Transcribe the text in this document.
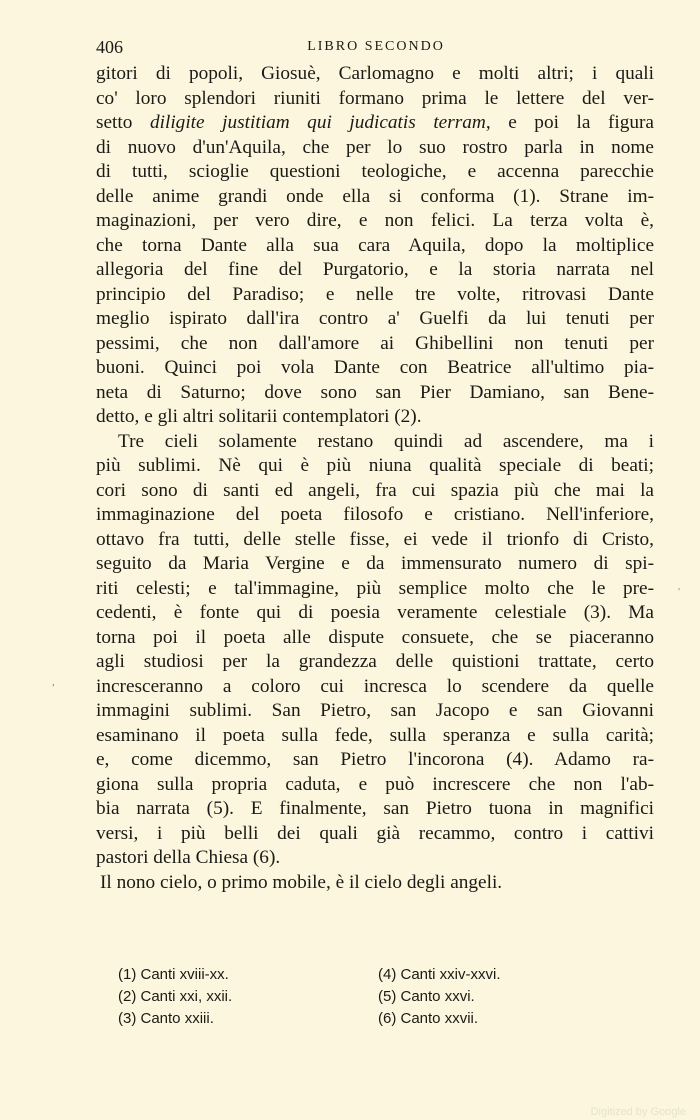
406	LIBRO SECONDO
gitori di popoli, Giosuè, Carlomagno e molti altri; i quali
co' loro splendori riuniti formano prima le lettere del ver-
setto diligite justitiam qui judicatis terram, e poi la figura
di nuovo d'un'Aquila, che per lo suo rostro parla in nome
di tutti, scioglie questioni teologiche, e accenna parecchie
delle anime grandi onde ella si conforma (1). Strane im-
maginazioni, per vero dire, e non felici. La terza volta è,
che torna Dante alla sua cara Aquila, dopo la moltiplice
allegoria del fine del Purgatorio, e la storia narrata nel
principio del Paradiso; e nelle tre volte, ritrovasi Dante
meglio ispirato dall'ira contro a' Guelfi da lui tenuti per
pessimi, che non dall'amore ai Ghibellini non tenuti per
buoni. Quinci poi vola Dante con Beatrice all'ultimo pia-
neta di Saturno; dove sono san Pier Damiano, san Bene-
detto, e gli altri solitarii contemplatori (2).
Tre cieli solamente restano quindi ad ascendere, ma i
più sublimi. Nè qui è più niuna qualità speciale di beati;
cori sono di santi ed angeli, fra cui spazia più che mai la
immaginazione del poeta filosofo e cristiano. Nell'inferiore,
ottavo fra tutti, delle stelle fisse, ei vede il trionfo di Cristo,
seguito da Maria Vergine e da immensurato numero di spi-
riti celesti; e tal'immagine, più semplice molto che le pre-
cedenti, è fonte qui di poesia veramente celestiale (3). Ma
torna poi il poeta alle dispute consuete, che se piaceranno
agli studiosi per la grandezza delle quistioni trattate, certo
incresceranno a coloro cui incresca lo scendere da quelle
immagini sublimi. San Pietro, san Jacopo e san Giovanni
esaminano il poeta sulla fede, sulla speranza e sulla carità;
e, come dicemmo, san Pietro l'incorona (4). Adamo ra-
giona sulla propria caduta, e può increscere che non l'ab-
bia narrata (5). E finalmente, san Pietro tuona in magnifici
versi, i più belli dei quali già recammo, contro i cattivi
pastori della Chiesa (6).
Il nono cielo, o primo mobile, è il cielo degli angeli.
(1) Canti xviii-xx.	(4) Canti xxiv-xxvi.
(2) Canti xxi, xxii.	(5) Canto xxvi.
(3) Canto xxiii.	(6) Canto xxvii.
'
,
Digitized by Google
